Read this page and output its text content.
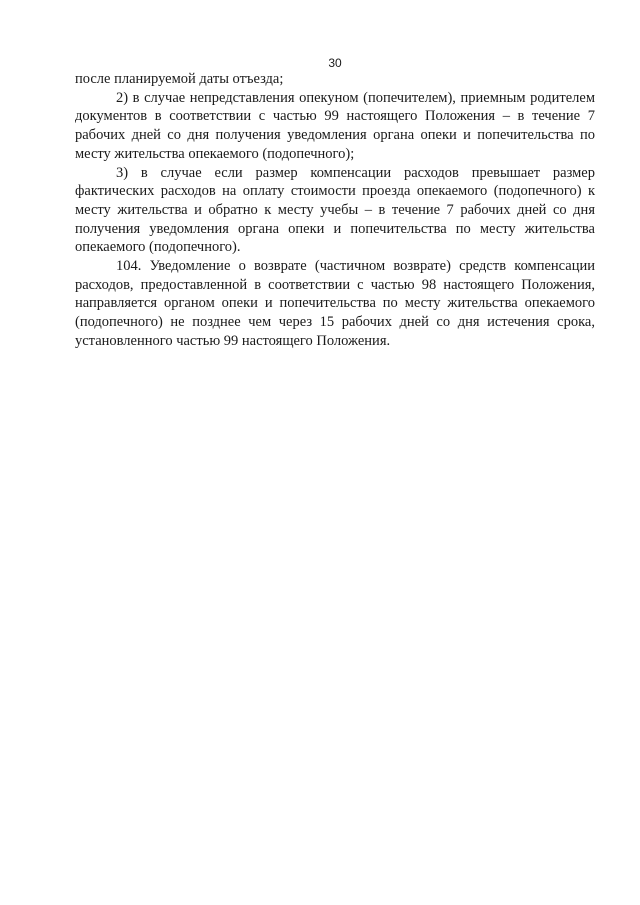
30

после планируемой даты отъезда;

2) в случае непредставления опекуном (попечителем), приемным родителем документов в соответствии с частью 99 настоящего Положения – в течение 7 рабочих дней со дня получения уведомления органа опеки и попечительства по месту жительства опекаемого (подопечного);

3) в случае если размер компенсации расходов превышает размер фактических расходов на оплату стоимости проезда опекаемого (подопечного) к месту жительства и обратно к месту учебы – в течение 7 рабочих дней со дня получения уведомления органа опеки и попечительства по месту жительства опекаемого (подопечного).

104. Уведомление о возврате (частичном возврате) средств компенсации расходов, предоставленной в соответствии с частью 98 настоящего Положения, направляется органом опеки и попечительства по месту жительства опекаемого (подопечного) не позднее чем через 15 рабочих дней со дня истечения срока, установленного частью 99 настоящего Положения.
